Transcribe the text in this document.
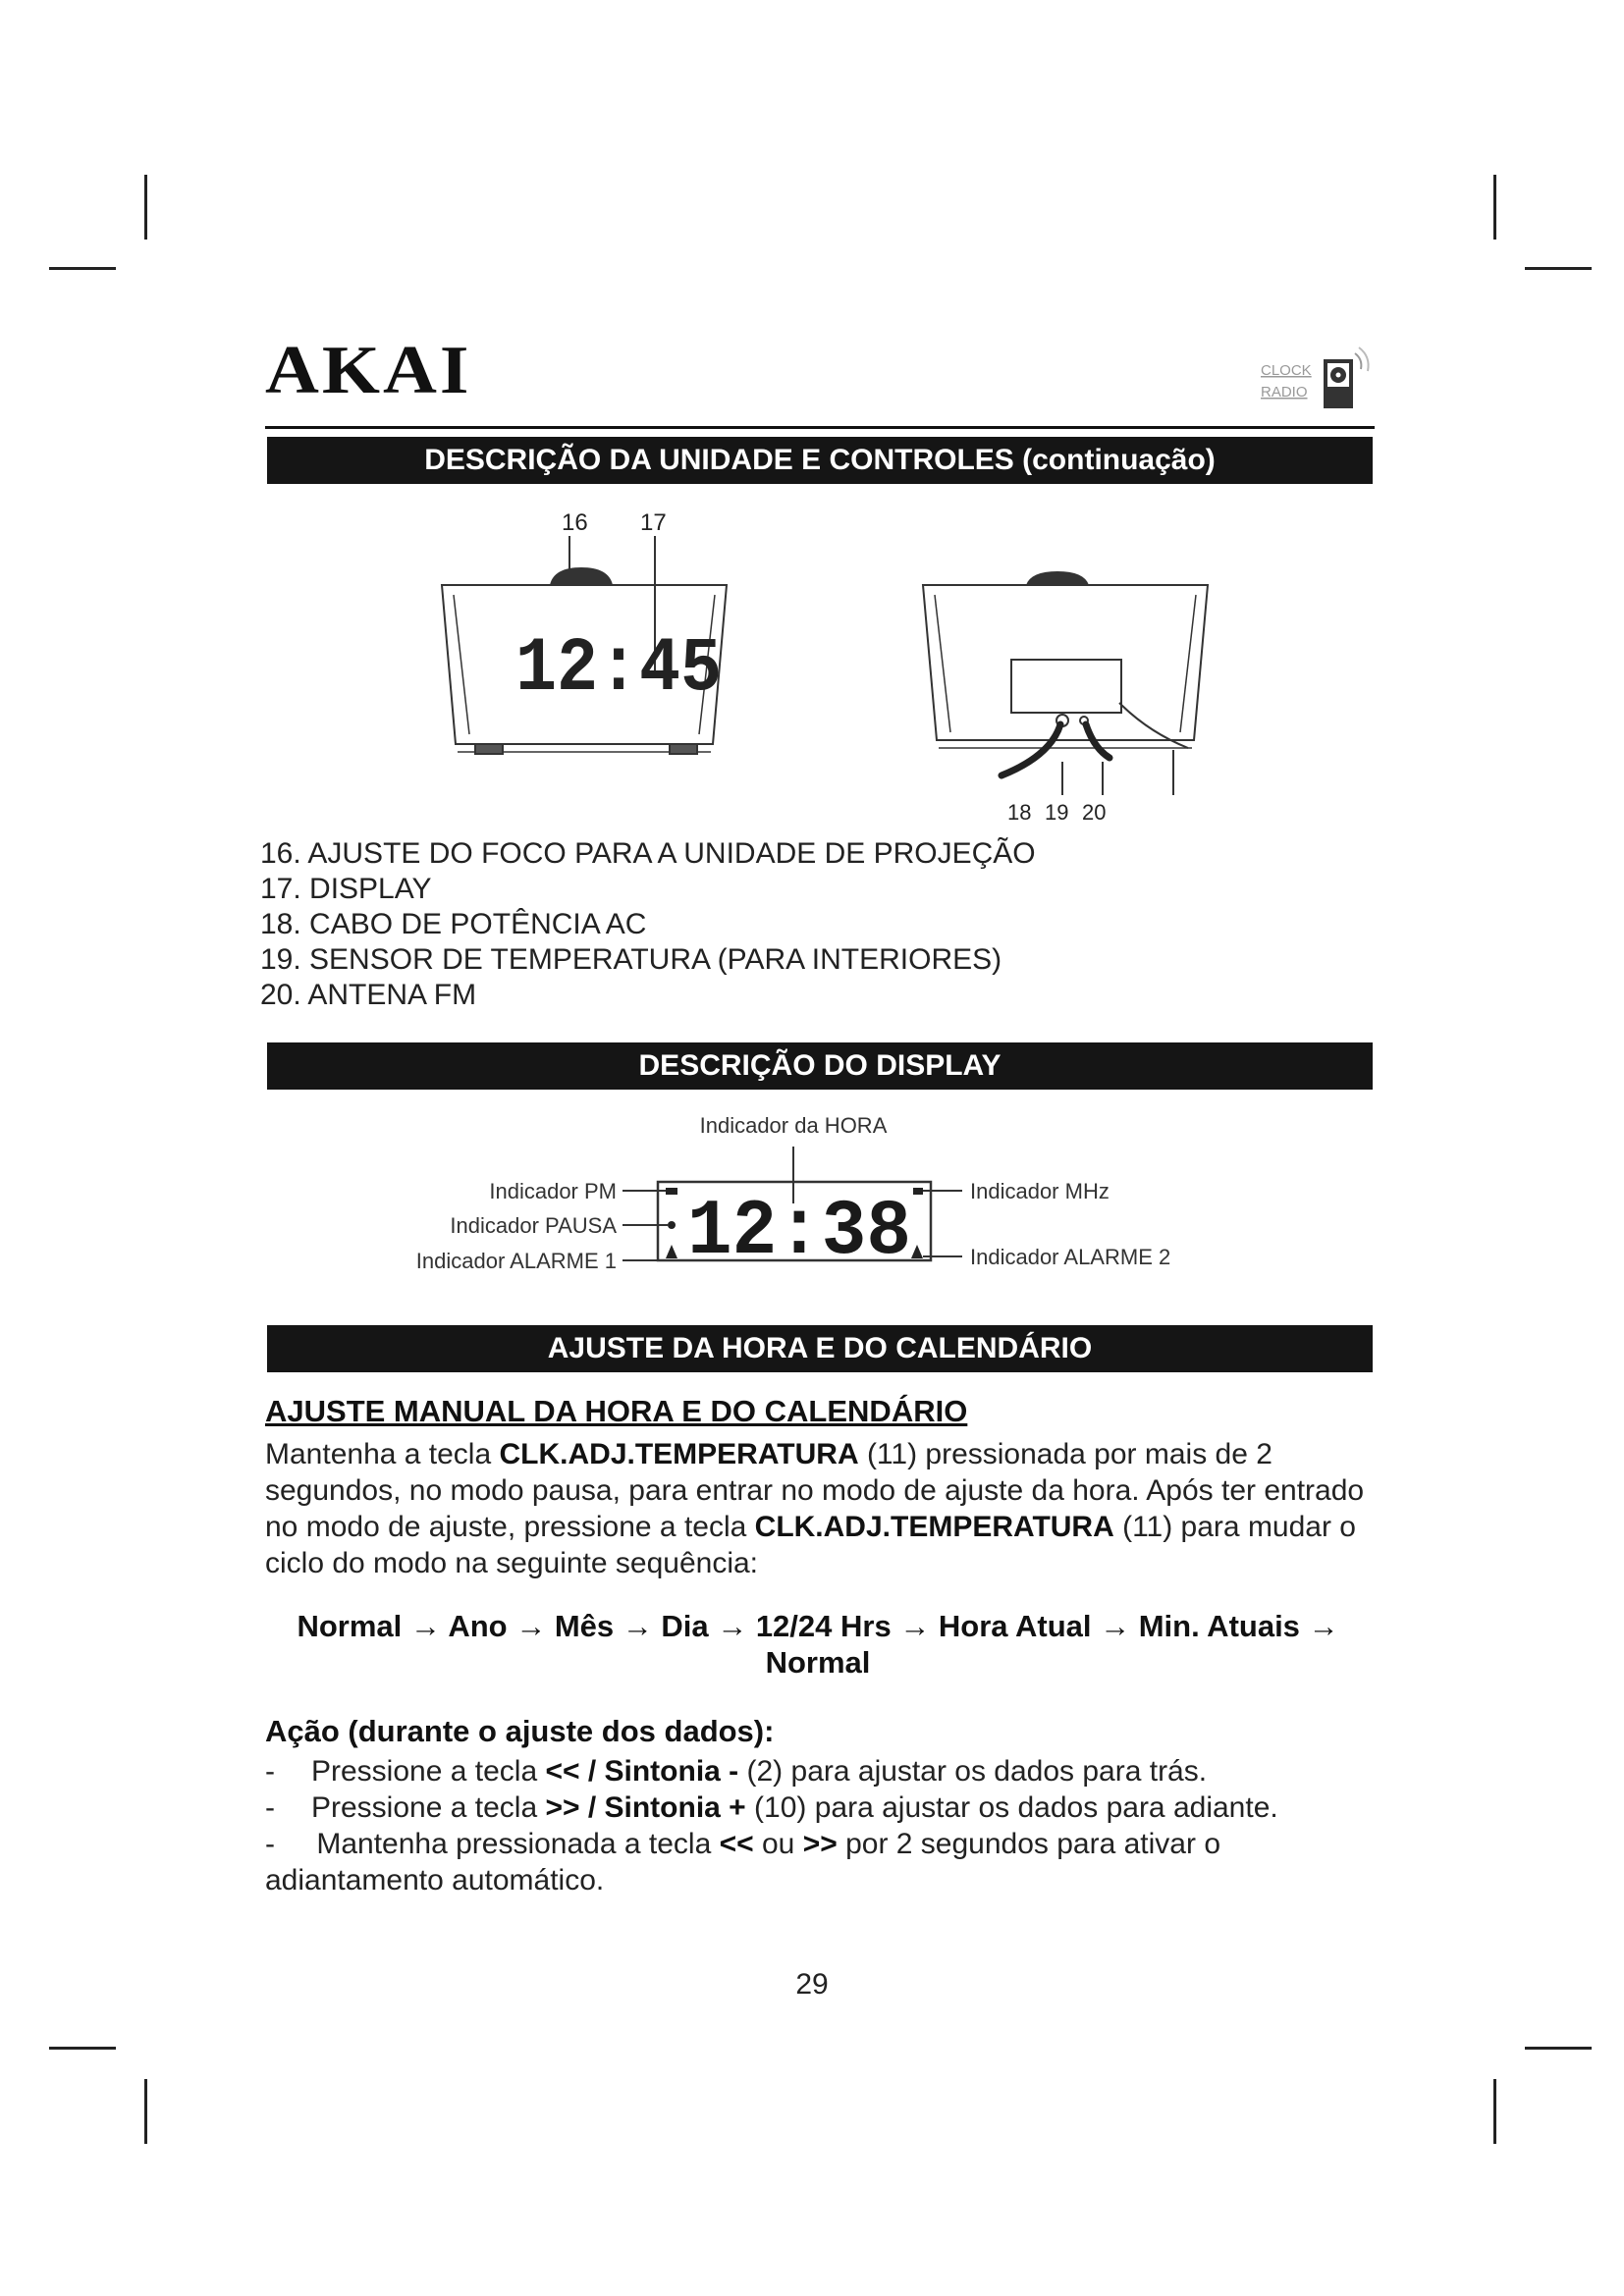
AKAI	CLOCK
RADIO
DESCRIÇÃO DA UNIDADE E CONTROLES (continuação)
12:45
16 17
18 19 20
16. AJUSTE DO FOCO PARA A UNIDADE DE PROJEÇÃO
17. DISPLAY
18. CABO DE POTÊNCIA AC
19. SENSOR DE TEMPERATURA (PARA INTERIORES)
20. ANTENA FM
DESCRIÇÃO DO DISPLAY
12:38
Indicador da HORA
Indicador PM
Indicador PAUSA
Indicador ALARME 1
Indicador MHz
Indicador ALARME 2
AJUSTE DA HORA E DO CALENDÁRIO
AJUSTE MANUAL DA HORA E DO CALENDÁRIO
Mantenha a tecla CLK.ADJ.TEMPERATURA (11) pressionada por mais de 2 segundos, no modo pausa, para entrar no modo de ajuste da hora. Após ter entrado no modo de ajuste, pressione a tecla CLK.ADJ.TEMPERATURA (11) para mudar o ciclo do modo na seguinte sequência:
Normal → Ano → Mês → Dia → 12/24 Hrs → Hora Atual → Min. Atuais →
Normal
Ação (durante o ajuste dos dados):
-	Pressione a tecla << / Sintonia - (2) para ajustar os dados para trás.
-	Pressione a tecla >> / Sintonia + (10) para ajustar os dados para adiante.
- Mantenha pressionada a tecla << ou >> por 2 segundos para ativar o adiantamento automático.
29
